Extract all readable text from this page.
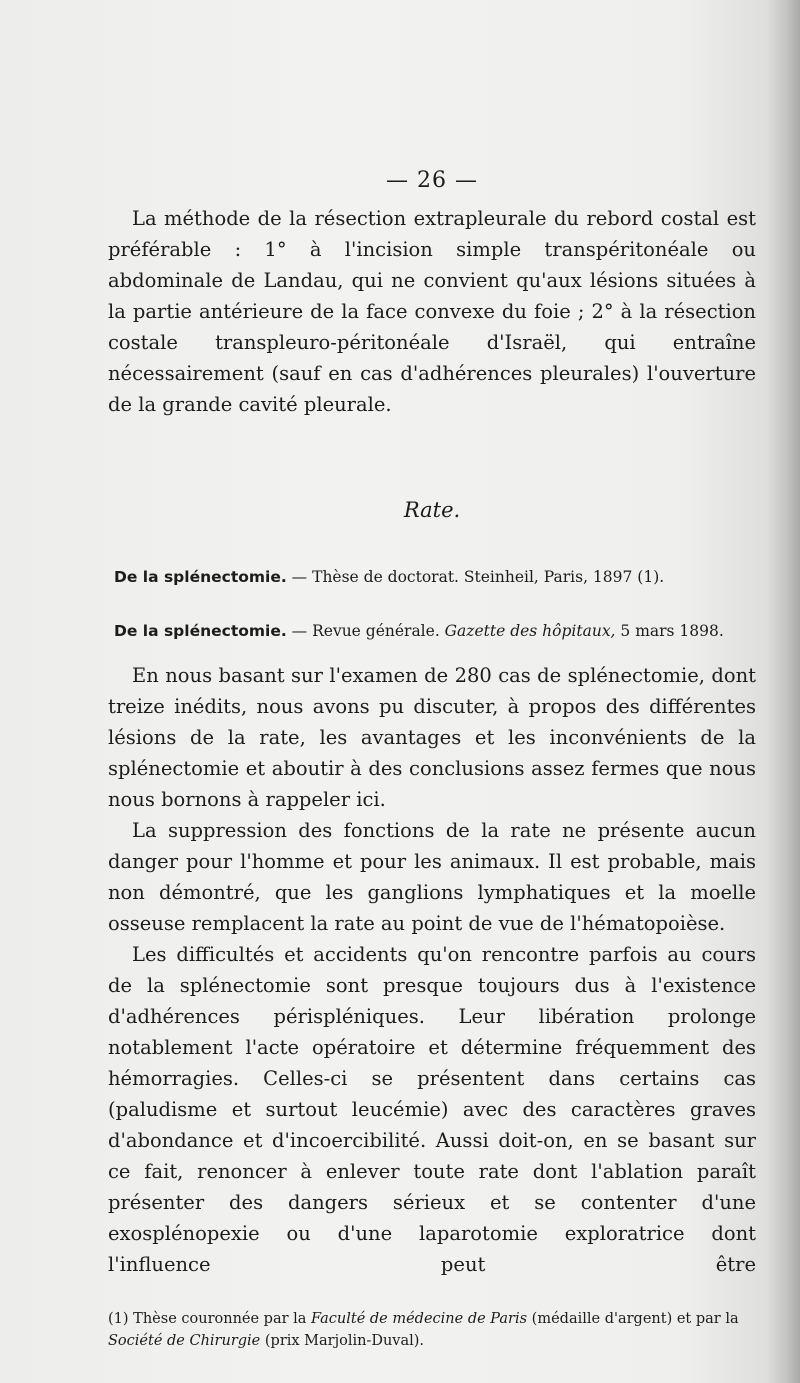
— 26 —

La méthode de la résection extrapleurale du rebord costal est préférable : 1° à l'incision simple transpéritonéale ou abdominale de Landau, qui ne convient qu'aux lésions situées à la partie antérieure de la face convexe du foie ; 2° à la résection costale transpleuro-péritonéale d'Israël, qui entraîne nécessairement (sauf en cas d'adhérences pleurales) l'ouverture de la grande cavité pleurale.

Rate.
De la splénectomie. — Thèse de doctorat. Steinheil, Paris, 1897 (1).
De la splénectomie. — Revue générale. Gazette des hôpitaux, 5 mars 1898.

En nous basant sur l'examen de 280 cas de splénectomie, dont treize inédits, nous avons pu discuter, à propos des différentes lésions de la rate, les avantages et les inconvénients de la splénectomie et aboutir à des conclusions assez fermes que nous nous bornons à rappeler ici.

La suppression des fonctions de la rate ne présente aucun danger pour l'homme et pour les animaux. Il est probable, mais non démontré, que les ganglions lymphatiques et la moelle osseuse remplacent la rate au point de vue de l'hématopoièse.

Les difficultés et accidents qu'on rencontre parfois au cours de la splénectomie sont presque toujours dus à l'existence d'adhérences périspléniques. Leur libération prolonge notablement l'acte opératoire et détermine fréquemment des hémorragies. Celles-ci se présentent dans certains cas (paludisme et surtout leucémie) avec des caractères graves d'abondance et d'incoercibilité. Aussi doit-on, en se basant sur ce fait, renoncer à enlever toute rate dont l'ablation paraît présenter des dangers sérieux et se contenter d'une exosplénopexie ou d'une laparotomie exploratrice dont l'influence peut être

(1) Thèse couronnée par la Faculté de médecine de Paris (médaille d'argent) et par la Société de Chirurgie (prix Marjolin-Duval).
